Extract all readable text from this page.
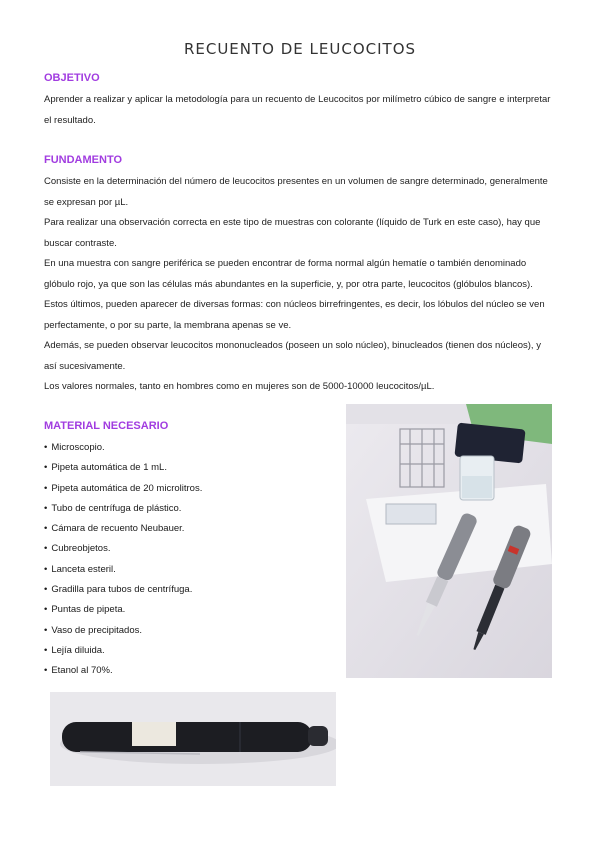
RECUENTO DE LEUCOCITOS
OBJETIVO

Aprender a realizar y aplicar la metodología para un recuento de Leucocitos por milímetro cúbico de sangre e interpretar el resultado.

FUNDAMENTO

Consiste en la determinación del número de leucocitos presentes en un volumen de sangre determinado, generalmente se expresan por µL.

Para realizar una observación correcta en este tipo de muestras con colorante (líquido de Turk en este caso), hay que buscar contraste.

En una muestra con sangre periférica se pueden encontrar de forma normal algún hematíe o también denominado glóbulo rojo, ya que son las células más abundantes en la superficie, y, por otra parte, leucocitos (glóbulos blancos). Estos últimos, pueden aparecer de diversas formas: con núcleos birrefringentes, es decir, los lóbulos del núcleo se ven perfectamente, o por su parte, la membrana apenas se ve.

Además, se pueden observar leucocitos mononucleados (poseen un solo núcleo), binucleados (tienen dos núcleos), y así sucesivamente.

Los valores normales, tanto en hombres como en mujeres son de 5000-10000 leucocitos/µL.

MATERIAL NECESARIO
• Microscopio.
• Pipeta automática de 1 mL.
• Pipeta automática de 20 microlitros.
• Tubo de centrífuga de plástico.
• Cámara de recuento Neubauer.
• Cubreobjetos.
• Lanceta esteril.
• Gradilla para tubos de centrífuga.
• Puntas de pipeta.
• Vaso de precipitados.
• Lejía diluida.
• Etanol al 70%.
